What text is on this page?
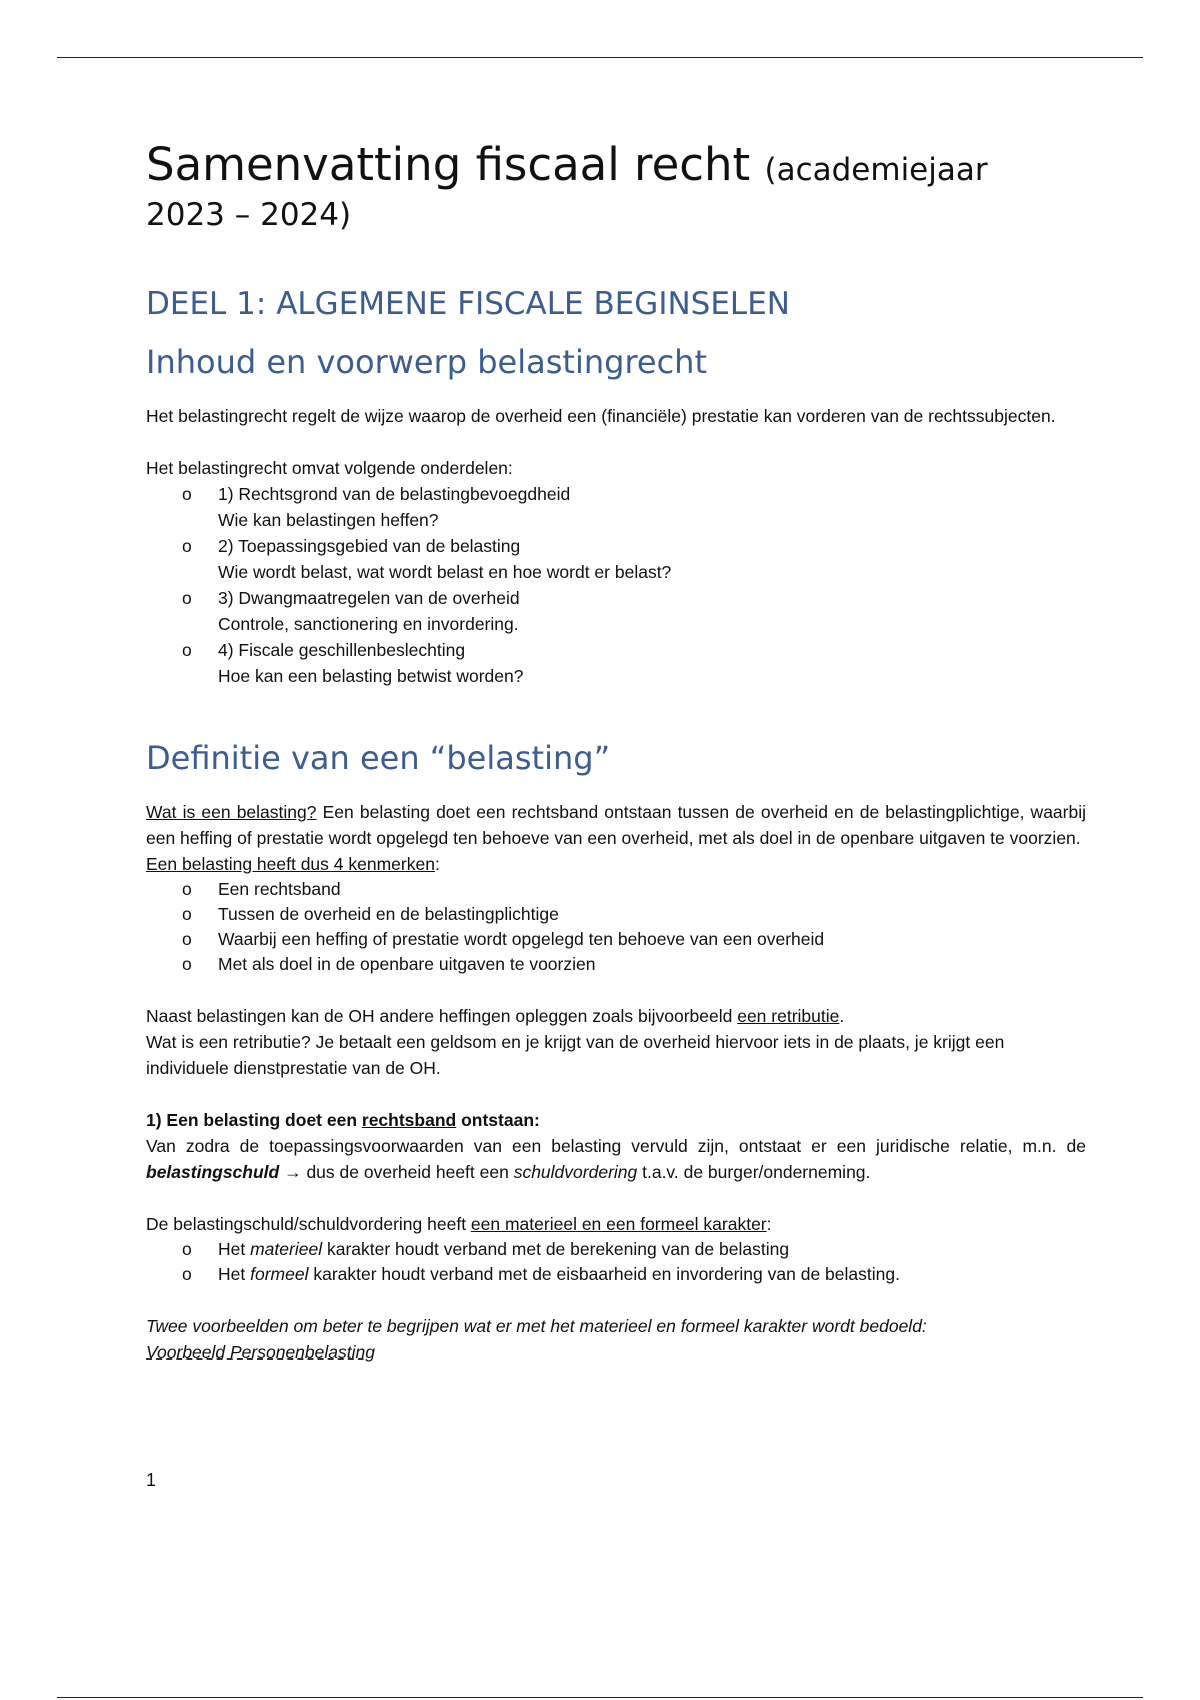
Samenvatting fiscaal recht (academiejaar
2023 – 2024)
DEEL 1: ALGEMENE FISCALE BEGINSELEN
Inhoud en voorwerp belastingrecht

Het belastingrecht regelt de wijze waarop de overheid een (financiële) prestatie kan vorderen van de rechtssubjecten.

Het belastingrecht omvat volgende onderdelen:

o 1) Rechtsgrond van de belastingbevoegdheid
Wie kan belastingen heffen?
o 2) Toepassingsgebied van de belasting
Wie wordt belast, wat wordt belast en hoe wordt er belast?
o 3) Dwangmaatregelen van de overheid
Controle, sanctionering en invordering.
o 4) Fiscale geschillenbeslechting
Hoe kan een belasting betwist worden?
Definitie van een “belasting”

Wat is een belasting? Een belasting doet een rechtsband ontstaan tussen de overheid en de belastingplichtige, waarbij een heffing of prestatie wordt opgelegd ten behoeve van een overheid, met als doel in de openbare uitgaven te voorzien.

Een belasting heeft dus 4 kenmerken:

o Een rechtsband
o Tussen de overheid en de belastingplichtige
o Waarbij een heffing of prestatie wordt opgelegd ten behoeve van een overheid
o Met als doel in de openbare uitgaven te voorzien

Naast belastingen kan de OH andere heffingen opleggen zoals bijvoorbeeld een retributie.

Wat is een retributie? Je betaalt een geldsom en je krijgt van de overheid hiervoor iets in de plaats, je krijgt een individuele dienstprestatie van de OH.

1) Een belasting doet een rechtsband ontstaan:

Van zodra de toepassingsvoorwaarden van een belasting vervuld zijn, ontstaat er een juridische relatie, m.n. de belastingschuld → dus de overheid heeft een schuldvordering t.a.v. de burger/onderneming.

De belastingschuld/schuldvordering heeft een materieel en een formeel karakter:

o Het materieel karakter houdt verband met de berekening van de belasting
o Het formeel karakter houdt verband met de eisbaarheid en invordering van de belasting.

Twee voorbeelden om beter te begrijpen wat er met het materieel en formeel karakter wordt bedoeld:

Voorbeeld Personenbelasting

1
